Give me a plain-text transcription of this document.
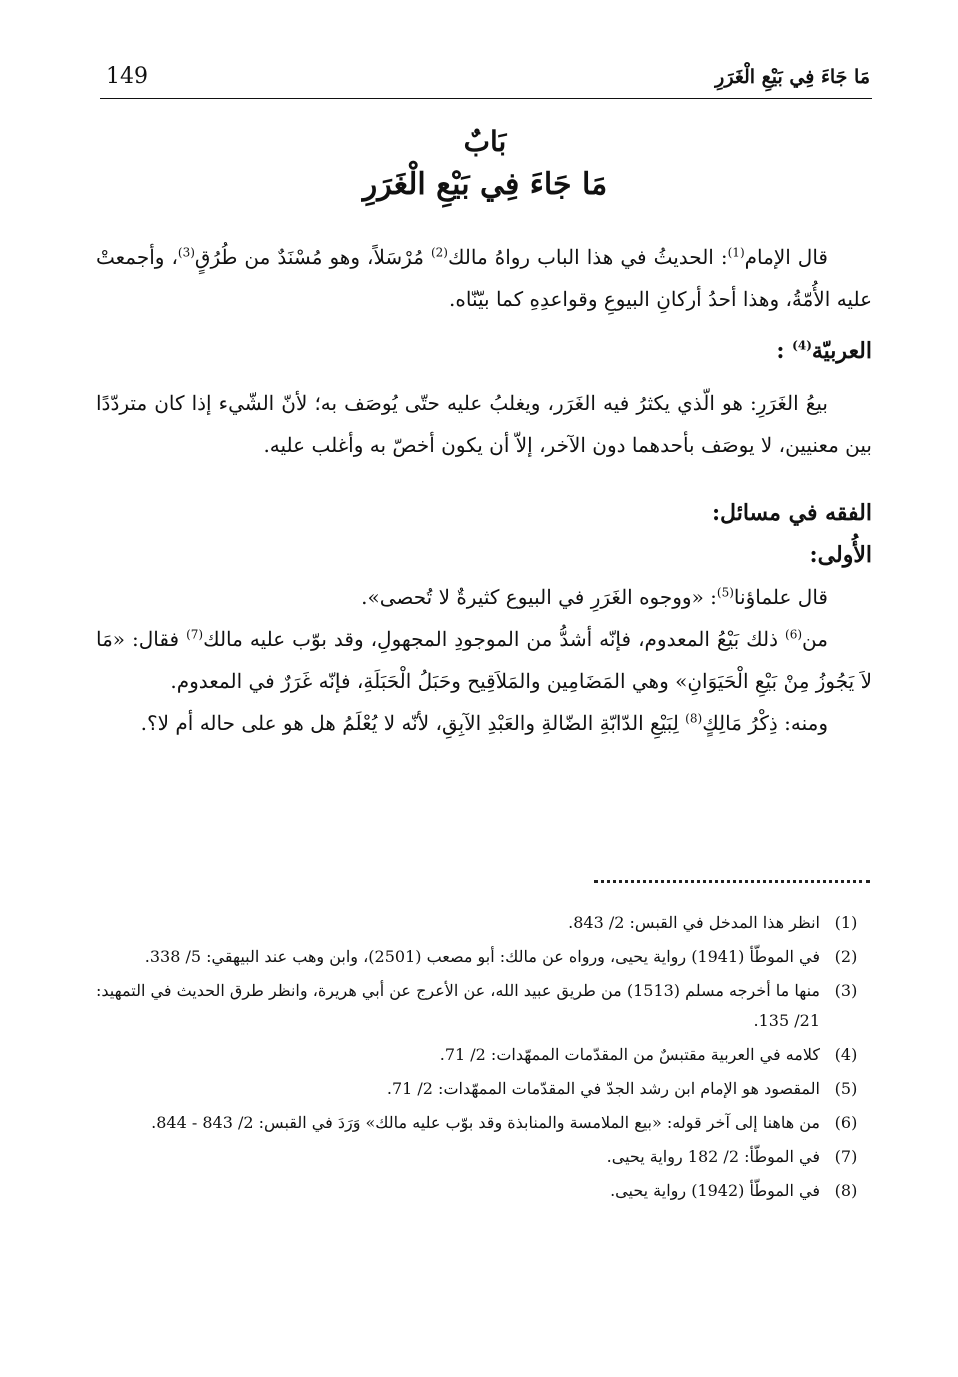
149	مَا جَاءَ فِي بَيْعِ الْغَرَرِ
بَابٌ
مَا جَاءَ فِي بَيْعِ الْغَرَرِ

قال الإمام$^{(1)}$: الحديثُ في هذا الباب رواهُ مالك$^{(2)}$ مُرْسَلاً، وهو مُسْنَدٌ من طُرُقٍ$^{(3)}$، وأجمعتْ عليه الأُمّةُ، وهذا أحدُ أركانِ البيوعِ وقواعدِهِ كما بيّنّاه.

العربيّة$^{(4)}$ :

بيعُ الغَرَرِ: هو الّذي يكثرُ فيه الغَرَر، ويغلبُ عليه حتّى يُوصَف به؛ لأنّ الشّيء إذا كان متردّدًا بين معنيين، لا يوصَف بأحدهما دون الآخر، إلاّ أن يكون أخصّ به وأغلب عليه.

الفقه في مسائل:

الأُولى:

قال علماؤنا$^{(5)}$: «ووجوه الغَرَرِ في البيوع كثيرةٌ لا تُحصى».

من$^{(6)}$ ذلك بَيْعُ المعدوم، فإنّه أشدُّ من الموجودِ المجهولِ، وقد بوّب عليه مالك$^{(7)}$ فقال: «مَا لاَ يَجُوزُ مِنْ بَيْعِ الْحَيَوَانِ» وهي المَضَامِين والمَلاَقِيح وحَبَلُ الْحَبَلَةِ، فإنّه غَرَرٌ في المعدوم.

ومنه: ذِكْرُ مَالِكٍ$^{(8)}$ لِبَيْعِ الدّابّةِ الضّالةِ والعَبْدِ الآبِقِ، لأنّه لا يُعْلَمُ هل هو على حاله أم لا؟.

(1)
انظر هذا المدخل في القبس: 2/ 843.
(2)
في الموطّأ (1941) رواية يحيى، ورواه عن مالك: أبو مصعب (2501)، وابن وهب عند البيهقي: 5/ 338.
(3)
منها ما أخرجه مسلم (1513) من طريق عبيد الله، عن الأعرج عن أبي هريرة، وانظر طرق الحديث في التمهيد: 21/ 135.
(4)
كلامه في العربية مقتبسٌ من المقدّمات الممهّدات: 2/ 71.
(5)
المقصود هو الإمام ابن رشد الجدّ في المقدّمات الممهّدات: 2/ 71.
(6)
من هاهنا إلى آخر قوله: «بيع الملامسة والمنابذة وقد بوّب عليه مالك» وَرَدَ في القبس: 2/ 843 - 844.
(7)
في الموطّأ: 2/ 182 رواية يحيى.
(8)
في الموطّأ (1942) رواية يحيى.
